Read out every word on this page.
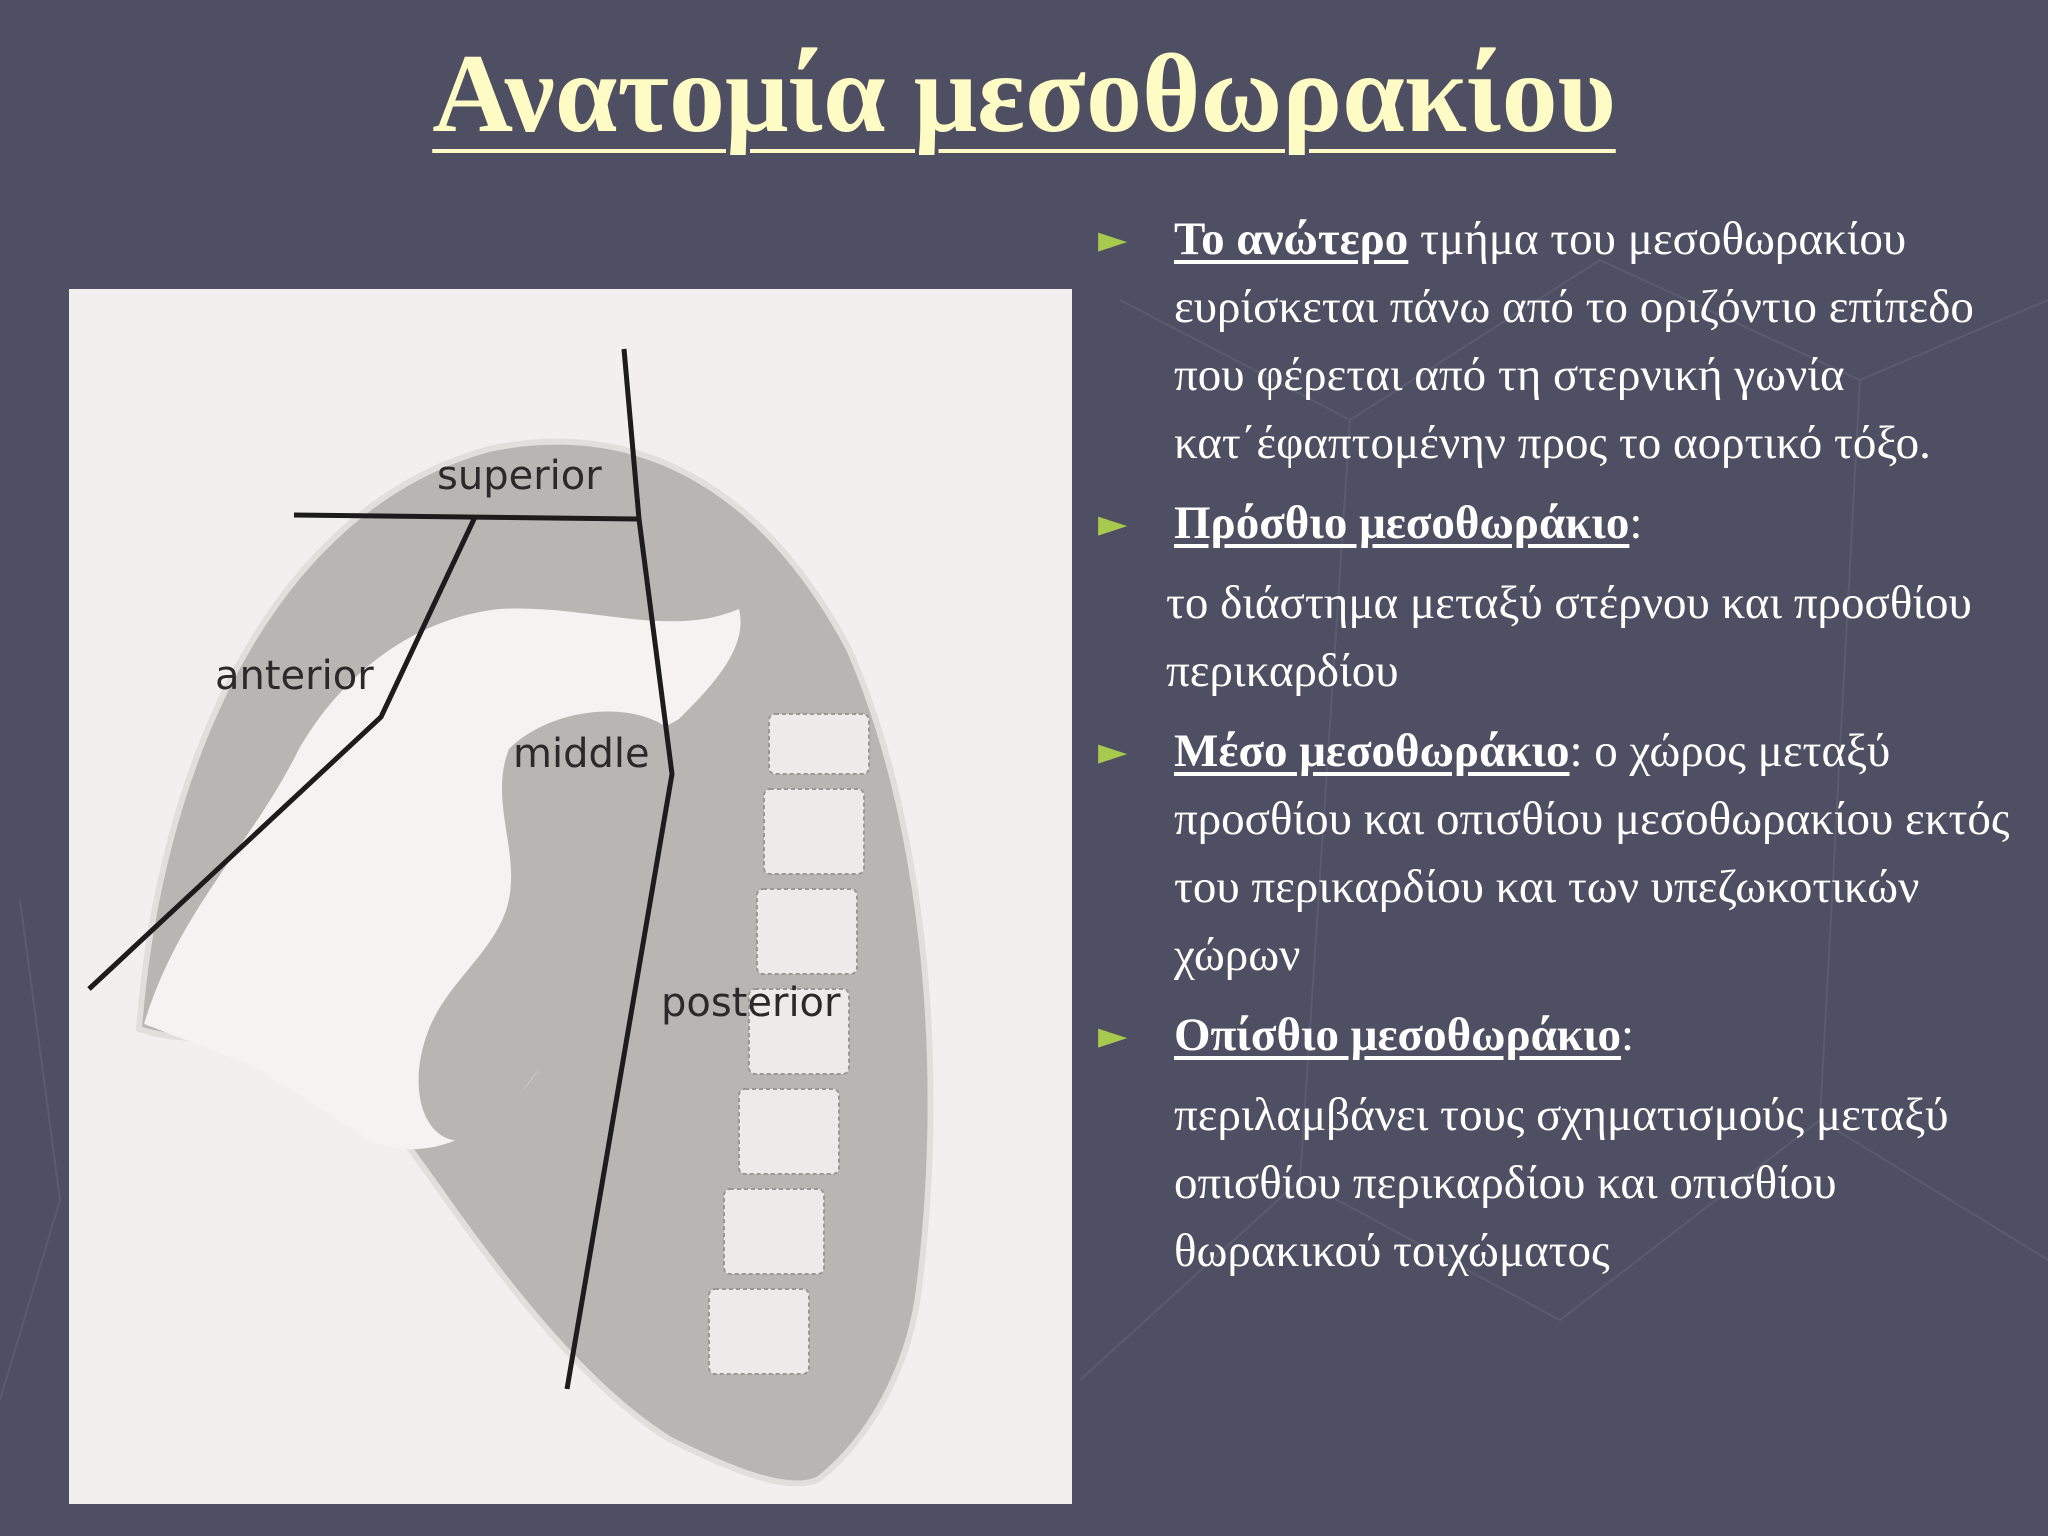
Ανατομία μεσοθωρακίου
superior
anterior
middle
posterior

► Το ανώτερο τμήμα του μεσοθωρακίου ευρίσκεται πάνω από το οριζόντιο επίπεδο που φέρεται από τη στερνική γωνία κατ΄έφαπτομένην προς το αορτικό τόξο.

► Πρόσθιο μεσοθωράκιο:

το διάστημα μεταξύ στέρνου και προσθίου περικαρδίου

► Μέσο μεσοθωράκιο: ο χώρος μεταξύ προσθίου και οπισθίου μεσοθωρακίου εκτός του περικαρδίου και των υπεζωκοτικών χώρων

► Οπίσθιο μεσοθωράκιο:

περιλαμβάνει τους σχηματισμούς μεταξύ οπισθίου περικαρδίου και οπισθίου θωρακικού τοιχώματος
